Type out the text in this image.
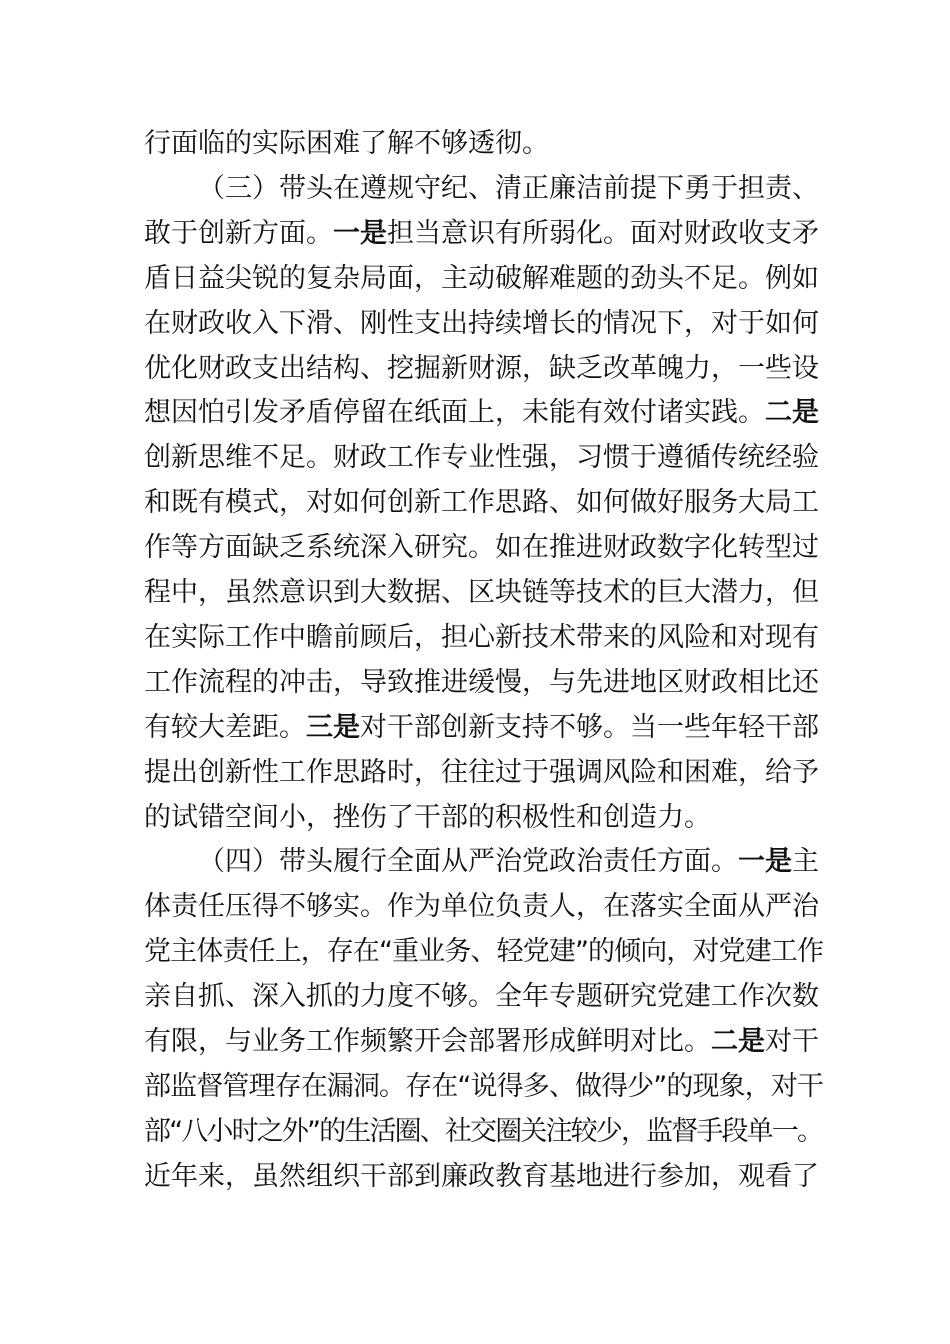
行面临的实际困难了解不够透彻。
（三）带头在遵规守纪、清正廉洁前提下勇于担责、
敢于创新方面。一是担当意识有所弱化。面对财政收支矛
盾日益尖锐的复杂局面，主动破解难题的劲头不足。例如
在财政收入下滑、刚性支出持续增长的情况下，对于如何
优化财政支出结构、挖掘新财源，缺乏改革魄力，一些设
想因怕引发矛盾停留在纸面上，未能有效付诸实践。二是
创新思维不足。财政工作专业性强，习惯于遵循传统经验
和既有模式，对如何创新工作思路、如何做好服务大局工
作等方面缺乏系统深入研究。如在推进财政数字化转型过
程中，虽然意识到大数据、区块链等技术的巨大潜力，但
在实际工作中瞻前顾后，担心新技术带来的风险和对现有
工作流程的冲击，导致推进缓慢，与先进地区财政相比还
有较大差距。三是对干部创新支持不够。当一些年轻干部
提出创新性工作思路时，往往过于强调风险和困难，给予
的试错空间小，挫伤了干部的积极性和创造力。
（四）带头履行全面从严治党政治责任方面。一是主
体责任压得不够实。作为单位负责人，在落实全面从严治
党主体责任上，存在“重业务、轻党建”的倾向，对党建工作
亲自抓、深入抓的力度不够。全年专题研究党建工作次数
有限，与业务工作频繁开会部署形成鲜明对比。二是对干
部监督管理存在漏洞。存在“说得多、做得少”的现象，对干
部“八小时之外”的生活圈、社交圈关注较少，监督手段单一。
近年来，虽然组织干部到廉政教育基地进行参加，观看了
